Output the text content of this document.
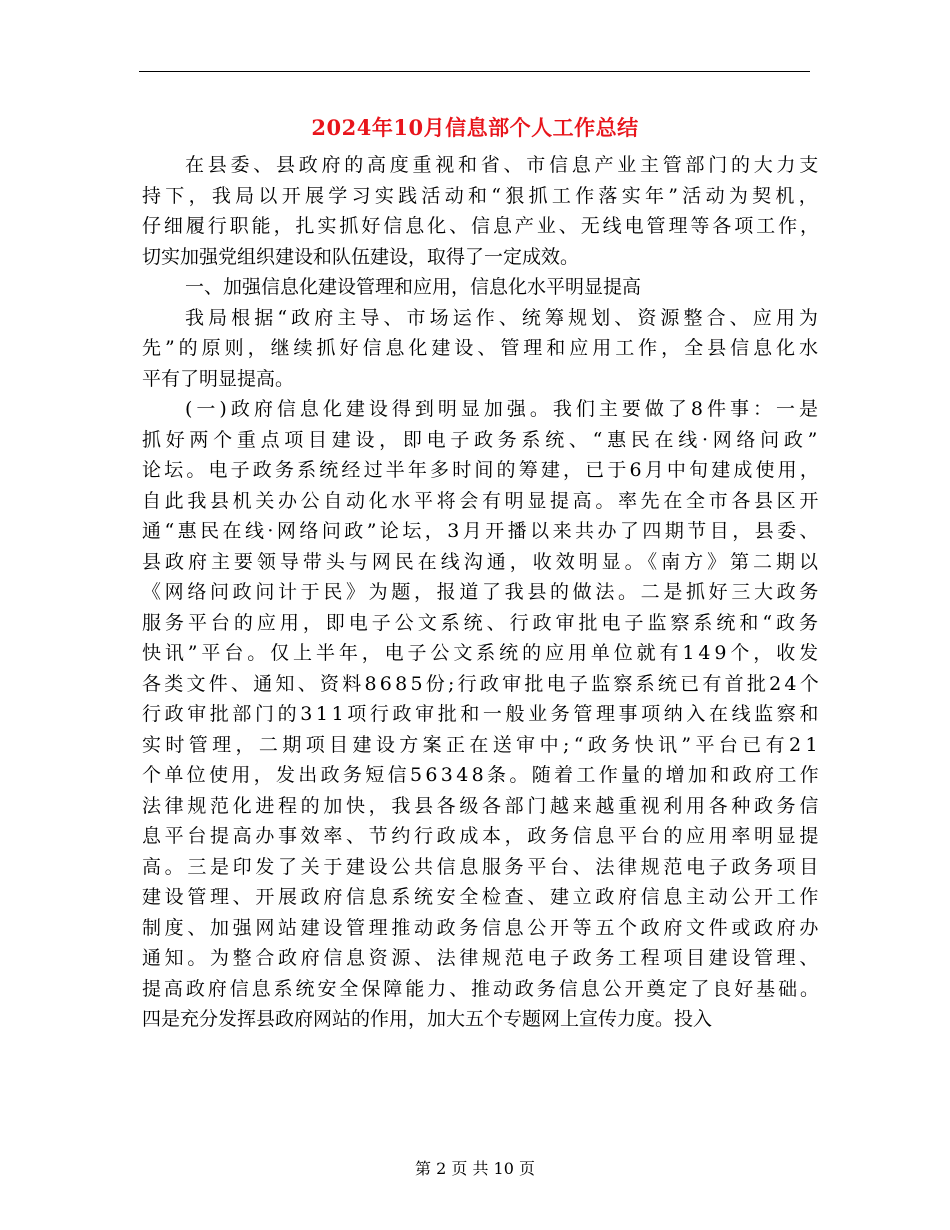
2024年10月信息部个人工作总结
在县委、县政府的高度重视和省、市信息产业主管部门的大力支
持下，我局以开展学习实践活动和“狠抓工作落实年”活动为契机，
仔细履行职能，扎实抓好信息化、信息产业、无线电管理等各项工作，
切实加强党组织建设和队伍建设，取得了一定成效。
一、加强信息化建设管理和应用，信息化水平明显提高
我局根据“政府主导、市场运作、统筹规划、资源整合、应用为
先”的原则，继续抓好信息化建设、管理和应用工作，全县信息化水
平有了明显提高。
(一)政府信息化建设得到明显加强。我们主要做了8件事：一是
抓好两个重点项目建设，即电子政务系统、“惠民在线·网络问政”
论坛。电子政务系统经过半年多时间的筹建，已于6月中旬建成使用，
自此我县机关办公自动化水平将会有明显提高。率先在全市各县区开
通“惠民在线·网络问政”论坛，3月开播以来共办了四期节目，县委、
县政府主要领导带头与网民在线沟通，收效明显。《南方》第二期以
《网络问政问计于民》为题，报道了我县的做法。二是抓好三大政务
服务平台的应用，即电子公文系统、行政审批电子监察系统和“政务
快讯”平台。仅上半年，电子公文系统的应用单位就有149个，收发
各类文件、通知、资料8685份;行政审批电子监察系统已有首批24个
行政审批部门的311项行政审批和一般业务管理事项纳入在线监察和
实时管理，二期项目建设方案正在送审中;“政务快讯”平台已有21
个单位使用，发出政务短信56348条。随着工作量的增加和政府工作
法律规范化进程的加快，我县各级各部门越来越重视利用各种政务信
息平台提高办事效率、节约行政成本，政务信息平台的应用率明显提
高。三是印发了关于建设公共信息服务平台、法律规范电子政务项目
建设管理、开展政府信息系统安全检查、建立政府信息主动公开工作
制度、加强网站建设管理推动政务信息公开等五个政府文件或政府办
通知。为整合政府信息资源、法律规范电子政务工程项目建设管理、
提高政府信息系统安全保障能力、推动政务信息公开奠定了良好基础。
四是充分发挥县政府网站的作用，加大五个专题网上宣传力度。投入
第 2 页 共 10 页
